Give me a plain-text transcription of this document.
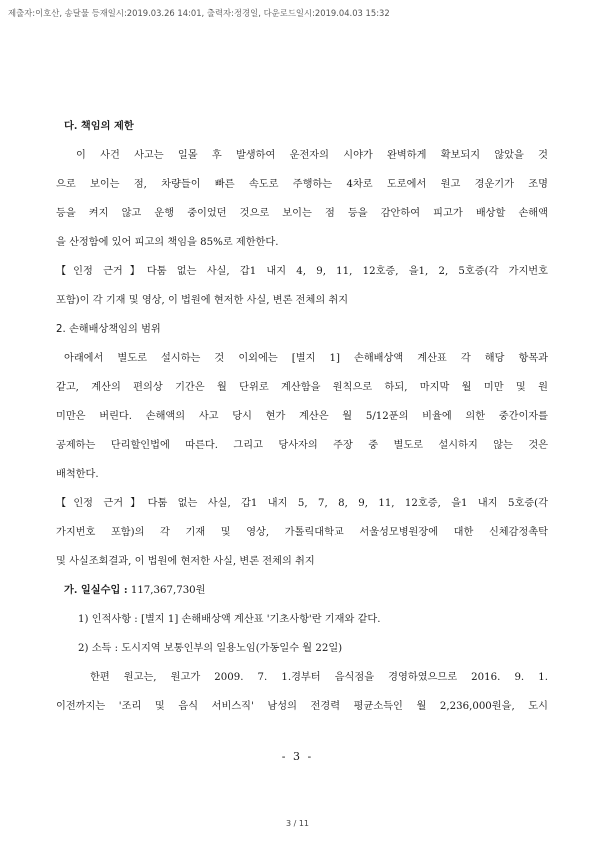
제출자:이호산, 송달물 등재일시:2019.03.26 14:01, 출력자:정경일, 다운로드일시:2019.04.03 15:32
다. 책임의 제한
이 사건 사고는 일몰 후 발생하여 운전자의 시야가 완벽하게 확보되지 않았을 것
으로 보이는 점, 차량들이 빠른 속도로 주행하는 4차로 도로에서 원고 경운기가 조명
등을 켜지 않고 운행 중이었던 것으로 보이는 점 등을 감안하여 피고가 배상할 손해액
을 산정함에 있어 피고의 책임을 85%로 제한한다.
【인정 근거】다툼 없는 사실, 갑1 내지 4, 9, 11, 12호증, 을1, 2, 5호증(각 가지번호
포함)이 각 기재 및 영상, 이 법원에 현저한 사실, 변론 전체의 취지
2. 손해배상책임의 범위
아래에서 별도로 설시하는 것 이외에는 [별지 1] 손해배상액 계산표 각 해당 항목과
같고, 계산의 편의상 기간은 월 단위로 계산함을 원칙으로 하되, 마지막 월 미만 및 원
미만은 버린다. 손해액의 사고 당시 현가 계산은 월 5/12푼의 비율에 의한 중간이자를
공제하는 단리할인법에 따른다. 그리고 당사자의 주장 중 별도로 설시하지 않는 것은
배척한다.
【인정 근거】다툼 없는 사실, 갑1 내지 5, 7, 8, 9, 11, 12호증, 을1 내지 5호증(각
가지번호 포함)의 각 기재 및 영상, 가톨릭대학교 서울성모병원장에 대한 신체감정촉탁
및 사실조회결과, 이 법원에 현저한 사실, 변론 전체의 취지
가. 일실수입 : 117,367,730원
1) 인적사항 : [별지 1] 손해배상액 계산표 '기초사항'란 기재와 같다.
2) 소득 : 도시지역 보통인부의 일용노임(가동일수 월 22일)
한편 원고는, 원고가 2009. 7. 1.경부터 음식점을 경영하였으므로 2016. 9. 1.
이전까지는 '조리 및 음식 서비스직' 남성의 전경력 평균소득인 월 2,236,000원을, 도시
- 3 -
3 / 11
